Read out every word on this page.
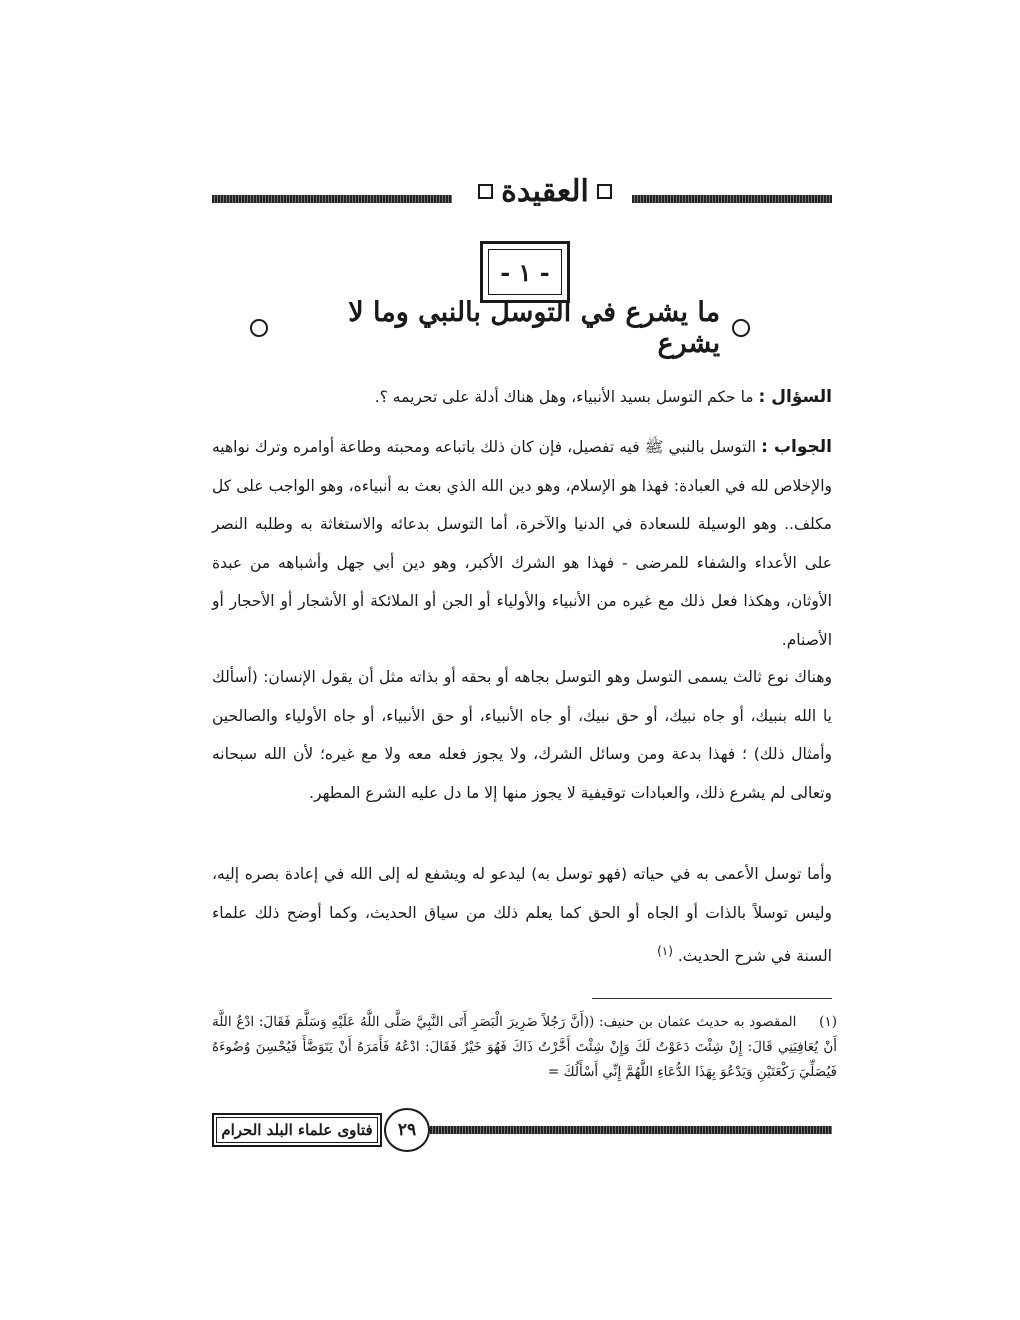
العقيدة
- ١ -
ما يشرع في التوسل بالنبي وما لا يشرع
السؤال : ما حكم التوسل بسيد الأنبياء، وهل هناك أدلة على تحريمه ؟.
الجواب : التوسل بالنبي ﷺ فيه تفصيل، فإن كان ذلك باتباعه ومحبته وطاعة أوامره وترك نواهيه والإخلاص لله في العبادة: فهذا هو الإسلام، وهو دين الله الذي بعث به أنبياءه، وهو الواجب على كل مكلف.. وهو الوسيلة للسعادة في الدنيا والآخرة، أما التوسل بدعائه والاستغاثة به وطلبه النصر على الأعداء والشفاء للمرضى - فهذا هو الشرك الأكبر، وهو دين أبي جهل وأشباهه من عبدة الأوثان، وهكذا فعل ذلك مع غيره من الأنبياء والأولياء أو الجن أو الملائكة أو الأشجار أو الأحجار أو الأصنام.
وهناك نوع ثالث يسمى التوسل وهو التوسل بجاهه أو بحقه أو بذاته مثل أن يقول الإنسان: (أسألك يا الله بنبيك، أو جاه نبيك، أو حق نبيك، أو جاه الأنبياء، أو حق الأنبياء، أو جاه الأولياء والصالحين وأمثال ذلك) ؛ فهذا بدعة ومن وسائل الشرك، ولا يجوز فعله معه ولا مع غيره؛ لأن الله سبحانه وتعالى لم يشرع ذلك، والعبادات توقيفية لا يجوز منها إلا ما دل عليه الشرع المطهر.
وأما توسل الأعمى به في حياته (فهو توسل به) ليدعو له ويشفع له إلى الله في إعادة بصره إليه، وليس توسلاً بالذات أو الجاه أو الحق كما يعلم ذلك من سياق الحديث، وكما أوضح ذلك علماء السنة في شرح الحديث. $^{(١)}$
(١) المقصود به حديث عثمان بن حنيف: ((أَنَّ رَجُلاً ضَرِيرَ الْبَصَرِ أَتَى النَّبِيَّ صَلَّى اللَّهُ عَلَيْهِ وَسَلَّمَ فَقَالَ: ادْعُ اللَّهَ أَنْ يُعَافِيَنِي قَالَ: إِنْ شِئْتَ دَعَوْتُ لَكَ وَإِنْ شِئْتَ أَخَّرْتُ ذَاكَ فَهُوَ خَيْرٌ فَقَالَ: ادْعُهُ فَأَمَرَهُ أَنْ يَتَوَضَّأَ فَيُحْسِنَ وُضُوءَهُ فَيُصَلِّيَ رَكْعَتَيْنِ وَيَدْعُوَ بِهَذَا الدُّعَاءِ اللَّهُمَّ إِنِّي أَسْأَلُكَ =
فتاوى علماء البلد الحرام	٢٩
